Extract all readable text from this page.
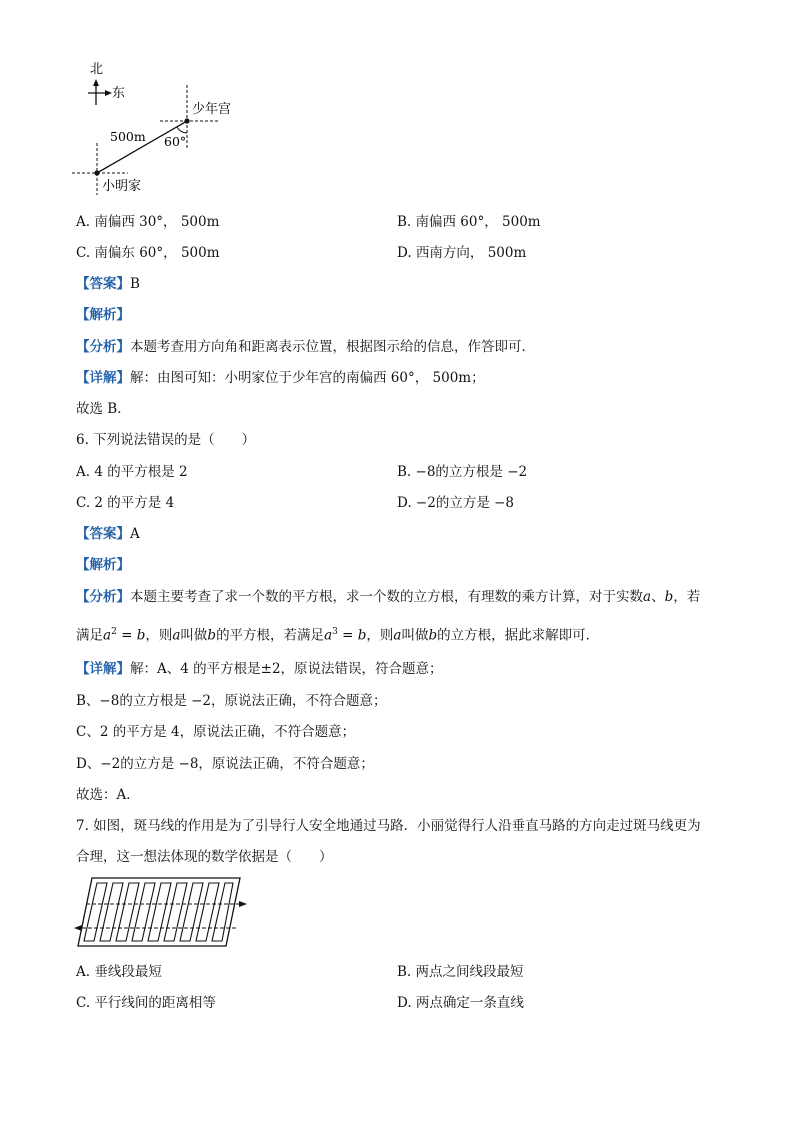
北
东
少年宫
500m 60°
小明家
A. 南偏西 30°， 500m	B. 南偏西 60°， 500m
C. 南偏东 60°， 500m	D. 西南方向， 500m
【答案】B
【解析】
【分析】本题考查用方向角和距离表示位置，根据图示给的信息，作答即可．
【详解】解：由图可知：小明家位于少年宫的南偏西 60°， 500m；
故选 B．
6. 下列说法错误的是（　　）
A. 4 的平方根是 2	B. −8的立方根是 −2
C. 2 的平方是 4	D. −2的立方是 −8
【答案】A
【解析】
【分析】本题主要考查了求一个数的平方根，求一个数的立方根，有理数的乘方计算，对于实数a、b，若
满足$a^2 = b$，则a叫做b的平方根，若满足$a^3 = b$，则a叫做b的立方根，据此求解即可．
【详解】解：A、4 的平方根是±2，原说法错误，符合题意；
B、−8的立方根是 −2，原说法正确，不符合题意；
C、2 的平方是 4，原说法正确，不符合题意；
D、−2的立方是 −8，原说法正确，不符合题意；
故选：A．
7. 如图，斑马线的作用是为了引导行人安全地通过马路．小丽觉得行人沿垂直马路的方向走过斑马线更为
合理，这一想法体现的数学依据是（　　）
A. 垂线段最短	B. 两点之间线段最短
C. 平行线间的距离相等	D. 两点确定一条直线
